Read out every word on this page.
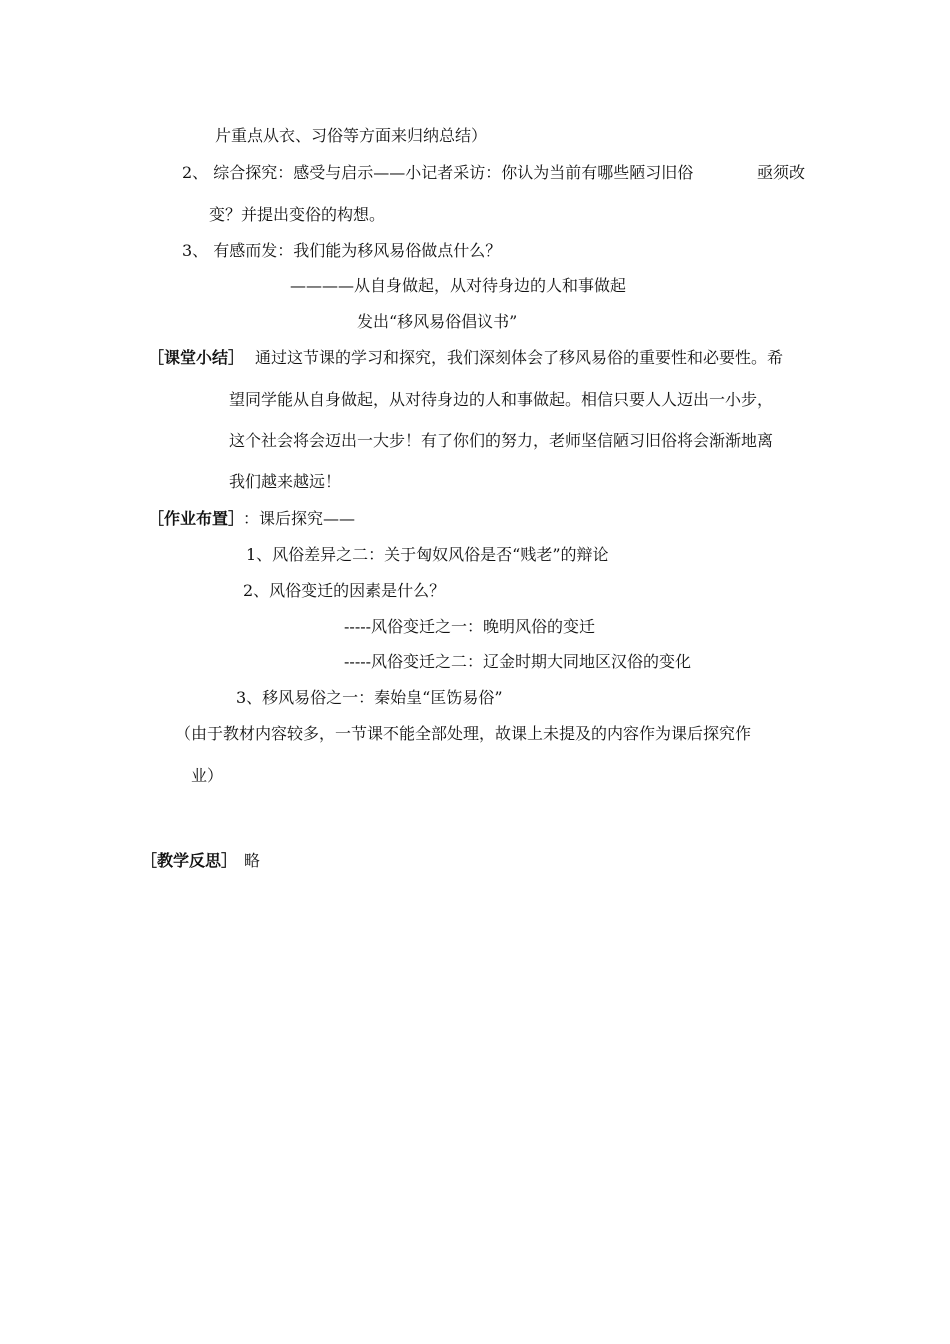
片重点从衣、习俗等方面来归纳总结）
2、 综合探究：感受与启示——小记者采访：你认为当前有哪些陋习旧俗	亟须改
变？并提出变俗的构想。
3、 有感而发：我们能为移风易俗做点什么？
————从自身做起，从对待身边的人和事做起
发出“移风易俗倡议书”
［课堂小结］ 通过这节课的学习和探究，我们深刻体会了移风易俗的重要性和必要性。希
望同学能从自身做起，从对待身边的人和事做起。相信只要人人迈出一小步，
这个社会将会迈出一大步！有了你们的努力，老师坚信陋习旧俗将会渐渐地离
我们越来越远！
［作业布置］
：课后探究——
1、风俗差异之二：关于匈奴风俗是否“贱老”的辩论
2、风俗变迁的因素是什么？
-----风俗变迁之一：晚明风俗的变迁
-----风俗变迁之二：辽金时期大同地区汉俗的变化
3、移风易俗之一：秦始皇“匡饬易俗”
（由于教材内容较多，一节课不能全部处理，故课上未提及的内容作为课后探究作
业）
［教学反思］ 略
